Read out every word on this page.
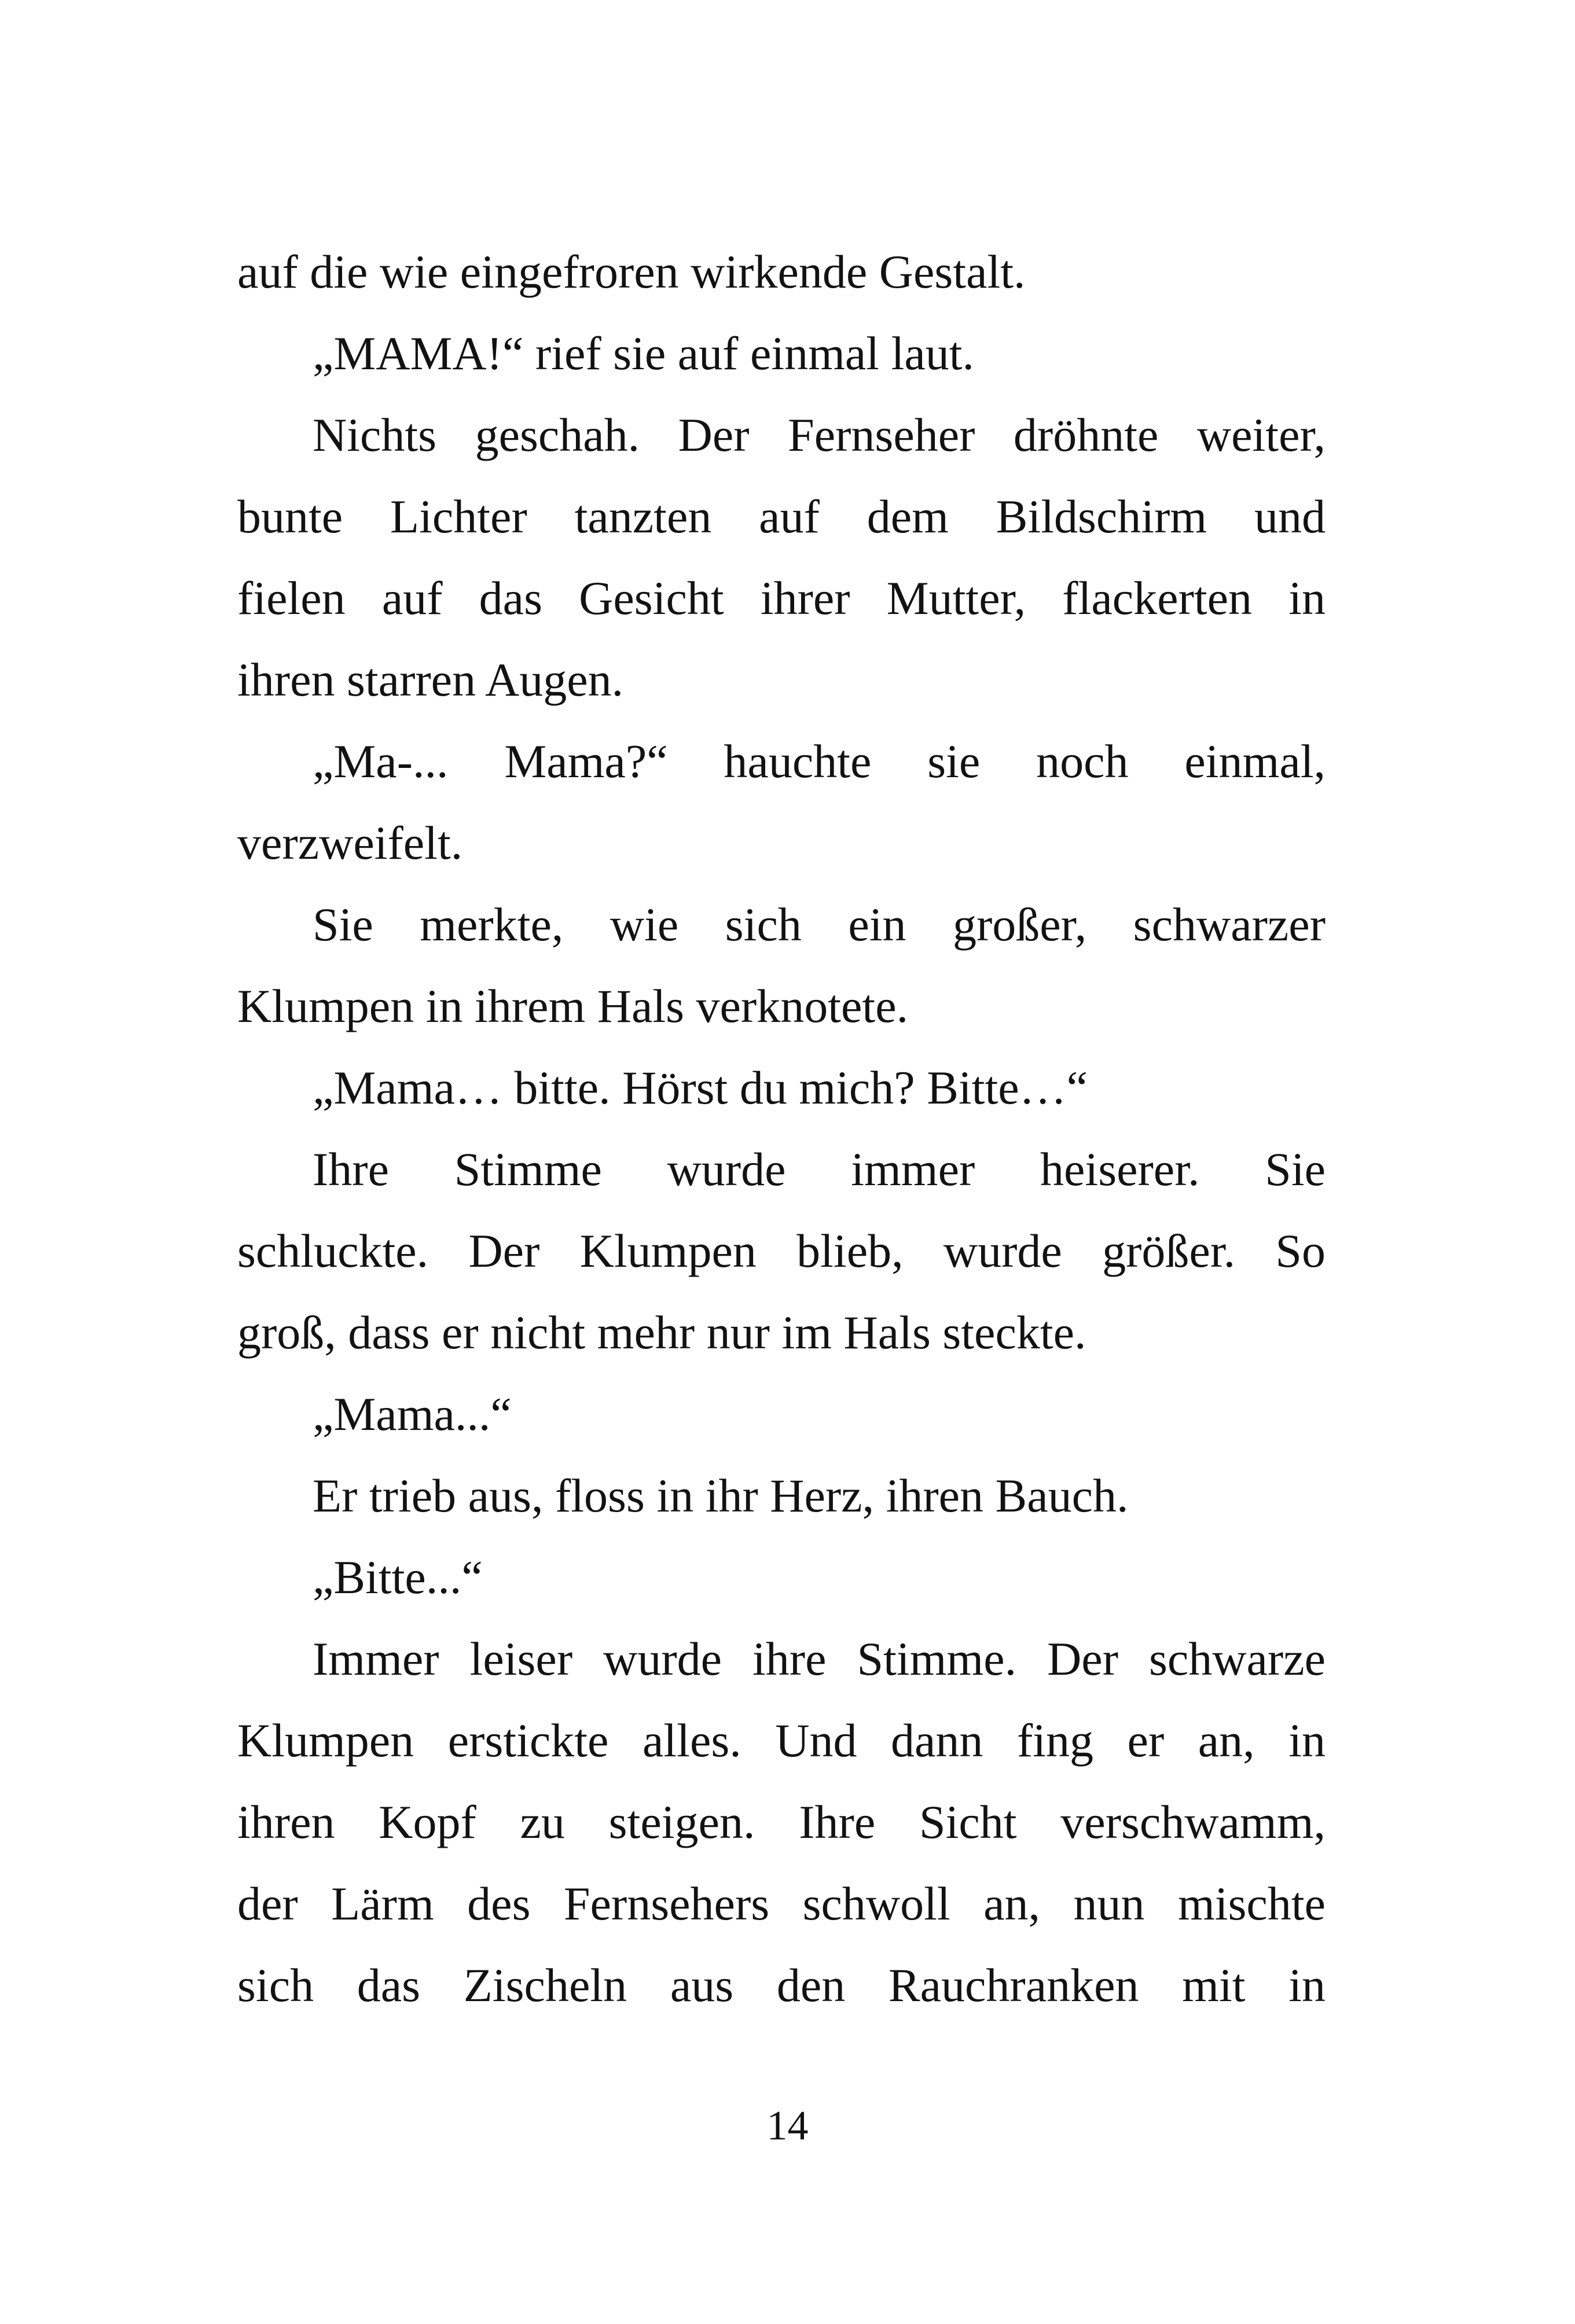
auf die wie eingefroren wirkende Gestalt.
„MAMA!“ rief sie auf einmal laut.
Nichts geschah. Der Fernseher dröhnte weiter,
bunte Lichter tanzten auf dem Bildschirm und
fielen auf das Gesicht ihrer Mutter, flackerten in
ihren starren Augen.
„Ma-... Mama?“ hauchte sie noch einmal,
verzweifelt.
Sie merkte, wie sich ein großer, schwarzer
Klumpen in ihrem Hals verknotete.
„Mama… bitte. Hörst du mich? Bitte…“
Ihre Stimme wurde immer heiserer. Sie
schluckte. Der Klumpen blieb, wurde größer. So
groß, dass er nicht mehr nur im Hals steckte.
„Mama...“
Er trieb aus, floss in ihr Herz, ihren Bauch.
„Bitte...“
Immer leiser wurde ihre Stimme. Der schwarze
Klumpen erstickte alles. Und dann fing er an, in
ihren Kopf zu steigen. Ihre Sicht verschwamm,
der Lärm des Fernsehers schwoll an, nun mischte
sich das Zischeln aus den Rauchranken mit in
14
